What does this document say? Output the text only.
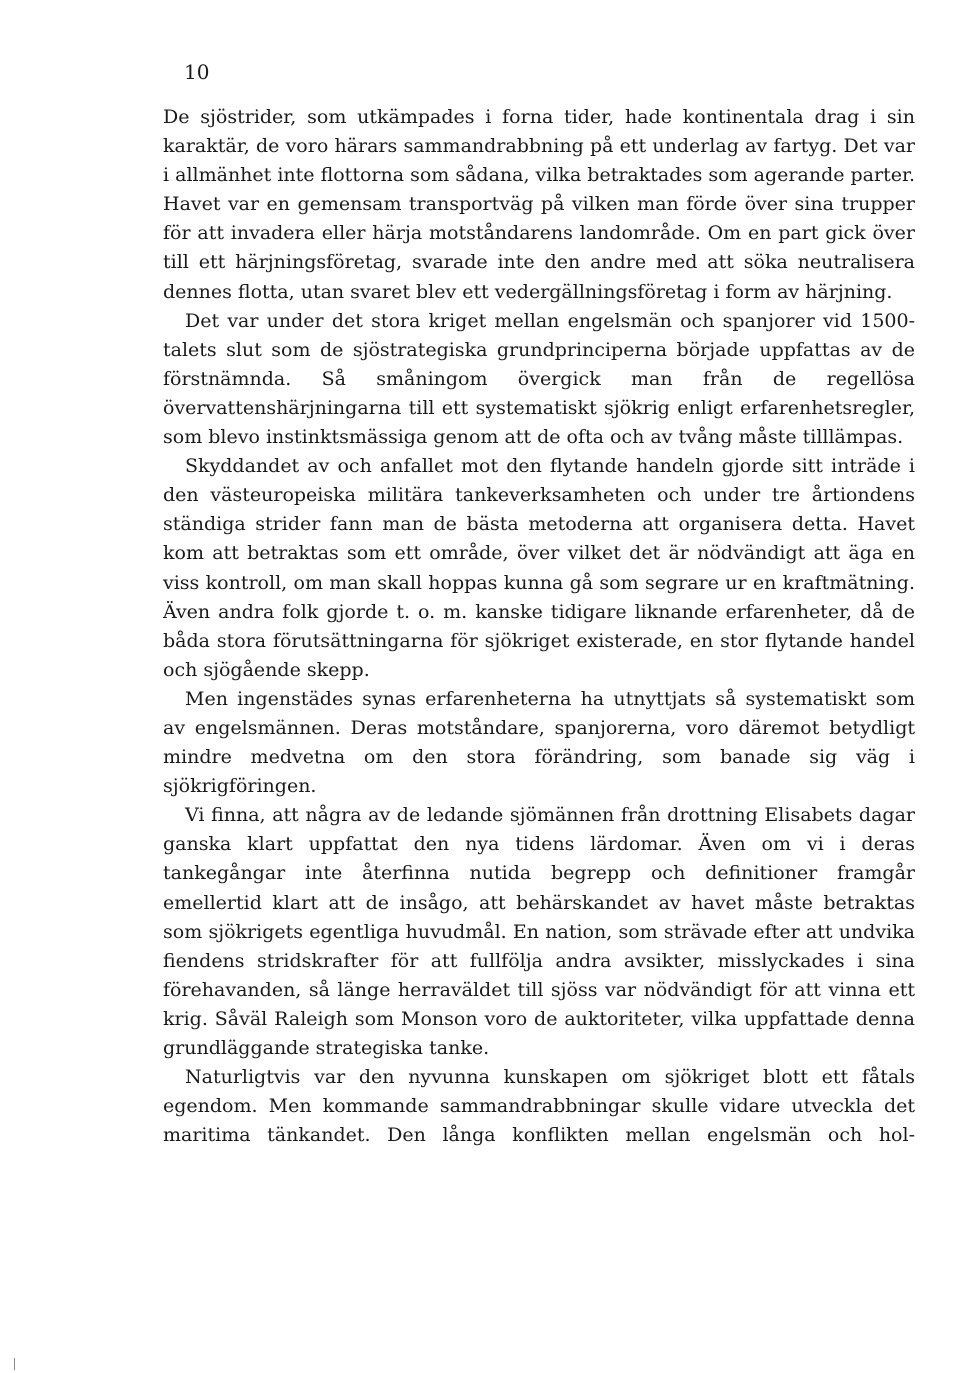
10

De sjöstrider, som utkämpades i forna tider, hade kontinentala drag i sin karaktär, de voro härars sammandrabbning på ett underlag av fartyg. Det var i allmänhet inte flottorna som sådana, vilka betraktades som agerande parter. Havet var en gemensam transportväg på vilken man förde över sina trupper för att invadera eller härja motståndarens landområde. Om en part gick över till ett härjningsföretag, svarade inte den andre med att söka neutralisera dennes flotta, utan svaret blev ett vedergällningsföretag i form av härjning.

Det var under det stora kriget mellan engelsmän och spanjorer vid 1500-talets slut som de sjöstrategiska grundprinciperna började uppfattas av de förstnämnda. Så småningom övergick man från de regellösa övervattenshärjningarna till ett systematiskt sjökrig enligt erfarenhetsregler, som blevo instinktsmässiga genom att de ofta och av tvång måste tilllämpas.

Skyddandet av och anfallet mot den flytande handeln gjorde sitt inträde i den västeuropeiska militära tankeverksamheten och under tre årtiondens ständiga strider fann man de bästa metoderna att organisera detta. Havet kom att betraktas som ett område, över vilket det är nödvändigt att äga en viss kontroll, om man skall hoppas kunna gå som segrare ur en kraftmätning. Även andra folk gjorde t. o. m. kanske tidigare liknande erfarenheter, då de båda stora förutsättningarna för sjökriget existerade, en stor flytande handel och sjögående skepp.

Men ingenstädes synas erfarenheterna ha utnyttjats så systematiskt som av engelsmännen. Deras motståndare, spanjorerna, voro däremot betydligt mindre medvetna om den stora förändring, som banade sig väg i sjökrigföringen.

Vi finna, att några av de ledande sjömännen från drottning Elisabets dagar ganska klart uppfattat den nya tidens lärdomar. Även om vi i deras tankegångar inte återfinna nutida begrepp och definitioner framgår emellertid klart att de insågo, att behärskandet av havet måste betraktas som sjökrigets egentliga huvudmål. En nation, som strävade efter att undvika fiendens stridskrafter för att fullfölja andra avsikter, misslyckades i sina förehavanden, så länge herraväldet till sjöss var nödvändigt för att vinna ett krig. Såväl Raleigh som Monson voro de auktoriteter, vilka uppfattade denna grundläggande strategiska tanke.

Naturligtvis var den nyvunna kunskapen om sjökriget blott ett fåtals egendom. Men kommande sammandrabbningar skulle vidare utveckla det maritima tänkandet. Den långa konflikten mellan engelsmän och hol-
